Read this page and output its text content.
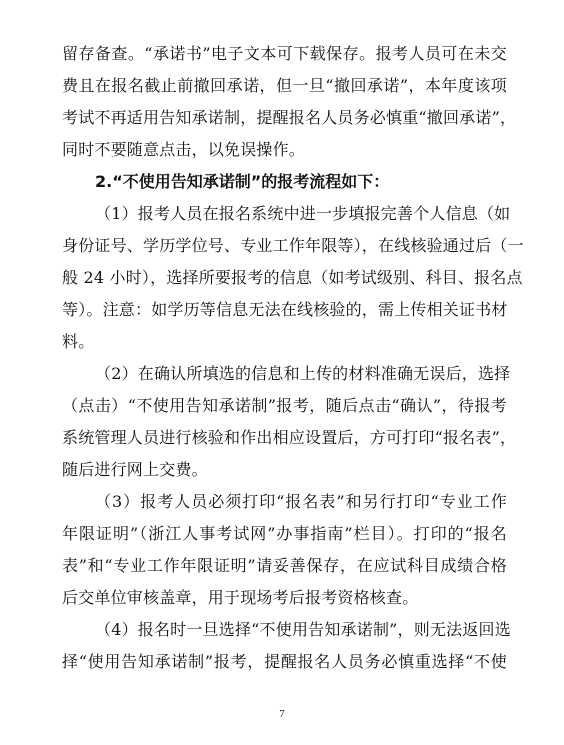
留存备查。“承诺书”电子文本可下载保存。报考人员可在未交
费且在报名截止前撤回承诺，但一旦“撤回承诺”，本年度该项
考试不再适用告知承诺制，提醒报名人员务必慎重“撤回承诺”，
同时不要随意点击，以免误操作。
2.“不使用告知承诺制”的报考流程如下：
（1）报考人员在报名系统中进一步填报完善个人信息（如
身份证号、学历学位号、专业工作年限等），在线核验通过后（一
般 24 小时），选择所要报考的信息（如考试级别、科目、报名点
等）。注意：如学历等信息无法在线核验的，需上传相关证书材
料。
（2）在确认所填选的信息和上传的材料准确无误后，选择
（点击）“不使用告知承诺制”报考，随后点击“确认”，待报考
系统管理人员进行核验和作出相应设置后，方可打印“报名表”，
随后进行网上交费。
（3）报考人员必须打印“报名表”和另行打印“专业工作
年限证明”（浙江人事考试网”办事指南”栏目）。打印的“报名
表”和“专业工作年限证明”请妥善保存，在应试科目成绩合格
后交单位审核盖章，用于现场考后报考资格核查。
（4）报名时一旦选择“不使用告知承诺制”，则无法返回选
择“使用告知承诺制”报考，提醒报名人员务必慎重选择“不使
7
